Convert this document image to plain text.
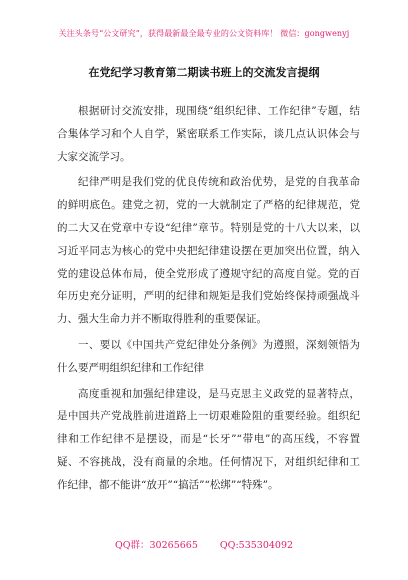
关注头条号“公文研究”，获得最新最全最专业的公文资料库！ 微信：gongwenyj
在党纪学习教育第二期读书班上的交流发言提纲

根据研讨交流安排，现围绕“组织纪律、工作纪律”专题，结合集体学习和个人自学，紧密联系工作实际，谈几点认识体会与大家交流学习。

纪律严明是我们党的优良传统和政治优势，是党的自我革命的鲜明底色。建党之初，党的一大就制定了严格的纪律规范，党的二大又在党章中专设“纪律”章节。特别是党的十八大以来，以习近平同志为核心的党中央把纪律建设摆在更加突出位置，纳入党的建设总体布局，使全党形成了遵规守纪的高度自觉。党的百年历史充分证明，严明的纪律和规矩是我们党始终保持顽强战斗力、强大生命力并不断取得胜利的重要保证。

一、要以《中国共产党纪律处分条例》为遵照，深刻领悟为什么要严明组织纪律和工作纪律

高度重视和加强纪律建设，是马克思主义政党的显著特点，是中国共产党战胜前进道路上一切艰难险阻的重要经验。组织纪律和工作纪律不是摆设，而是“长牙”“带电”的高压线，不容置疑、不容挑战，没有商量的余地。任何情况下，对组织纪律和工作纪律，都不能讲“放开”“搞活”“松绑”“特殊”。

QQ群：30265665 QQ:535304092
